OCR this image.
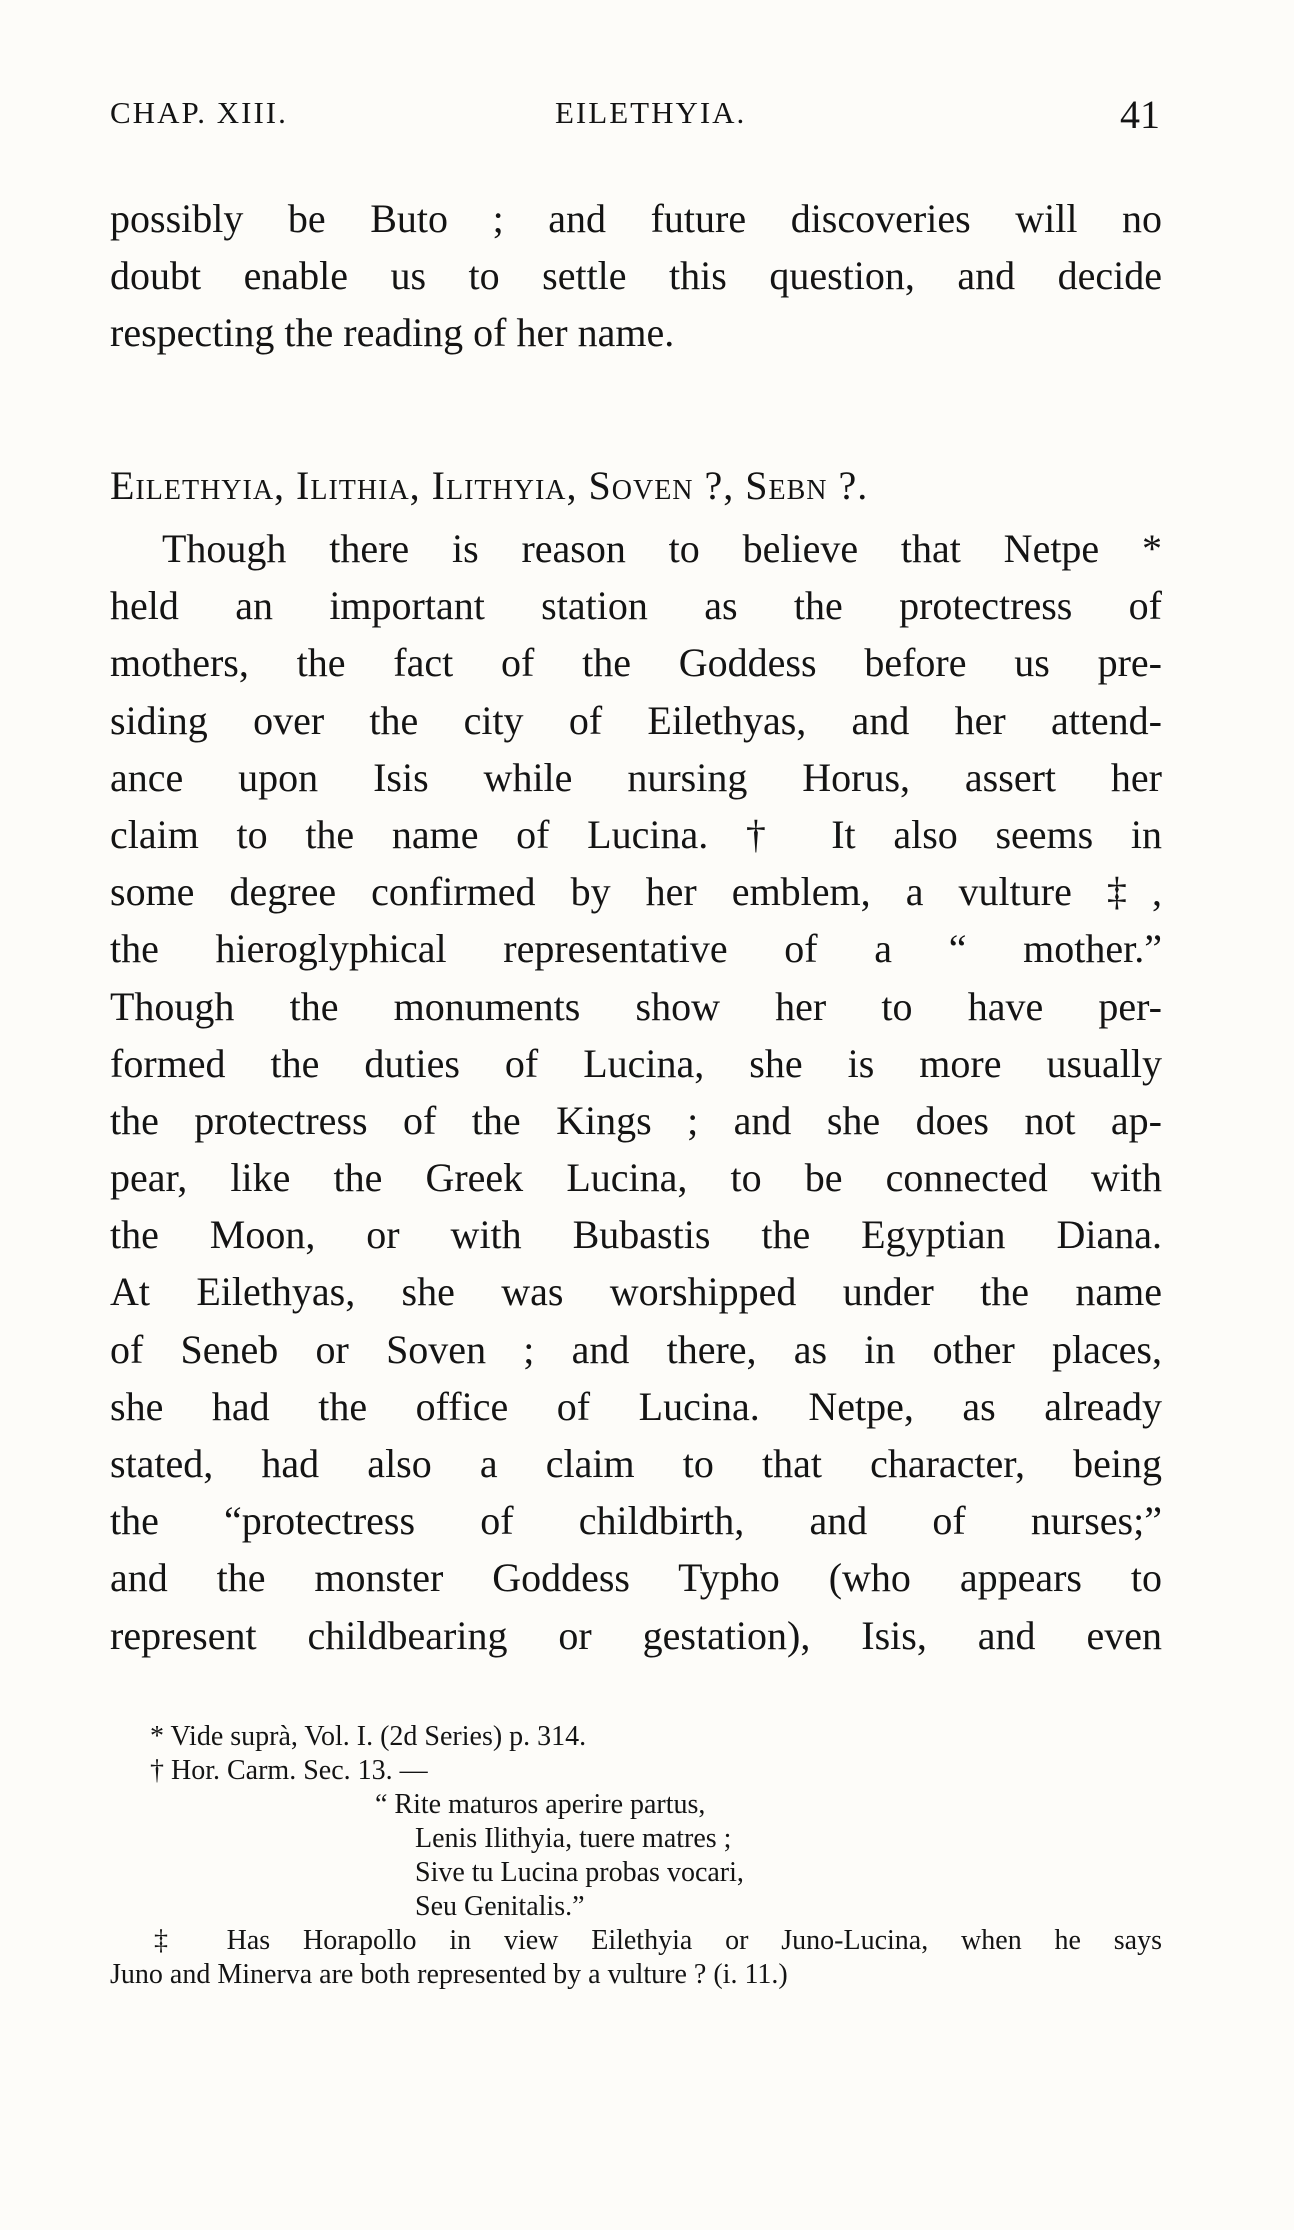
CHAP. XIII.	EILETHYIA.	41
possibly be Buto ; and future discoveries will no
doubt enable us to settle this question, and decide
respecting the reading of her name.
Eilethyia, Ilithia, Ilithyia, Soven ?, Sebn ?.
Though there is reason to believe that Netpe *
held an important station as the protectress of
mothers, the fact of the Goddess before us pre-
siding over the city of Eilethyas, and her attend-
ance upon Isis while nursing Horus, assert her
claim to the name of Lucina. † It also seems in
some degree confirmed by her emblem, a vulture ‡,
the hieroglyphical representative of a “ mother.”
Though the monuments show her to have per-
formed the duties of Lucina, she is more usually
the protectress of the Kings ; and she does not ap-
pear, like the Greek Lucina, to be connected with
the Moon, or with Bubastis the Egyptian Diana.
At Eilethyas, she was worshipped under the name
of Seneb or Soven ; and there, as in other places,
she had the office of Lucina. Netpe, as already
stated, had also a claim to that character, being
the “protectress of childbirth, and of nurses;”
and the monster Goddess Typho (who appears to
represent childbearing or gestation), Isis, and even
* Vide suprà, Vol. I. (2d Series) p. 314.
† Hor. Carm. Sec. 13. —
“ Rite maturos aperire partus,
Lenis Ilithyia, tuere matres ;
Sive tu Lucina probas vocari,
Seu Genitalis.”
‡ Has Horapollo in view Eilethyia or Juno-Lucina, when he says
Juno and Minerva are both represented by a vulture ? (i. 11.)
